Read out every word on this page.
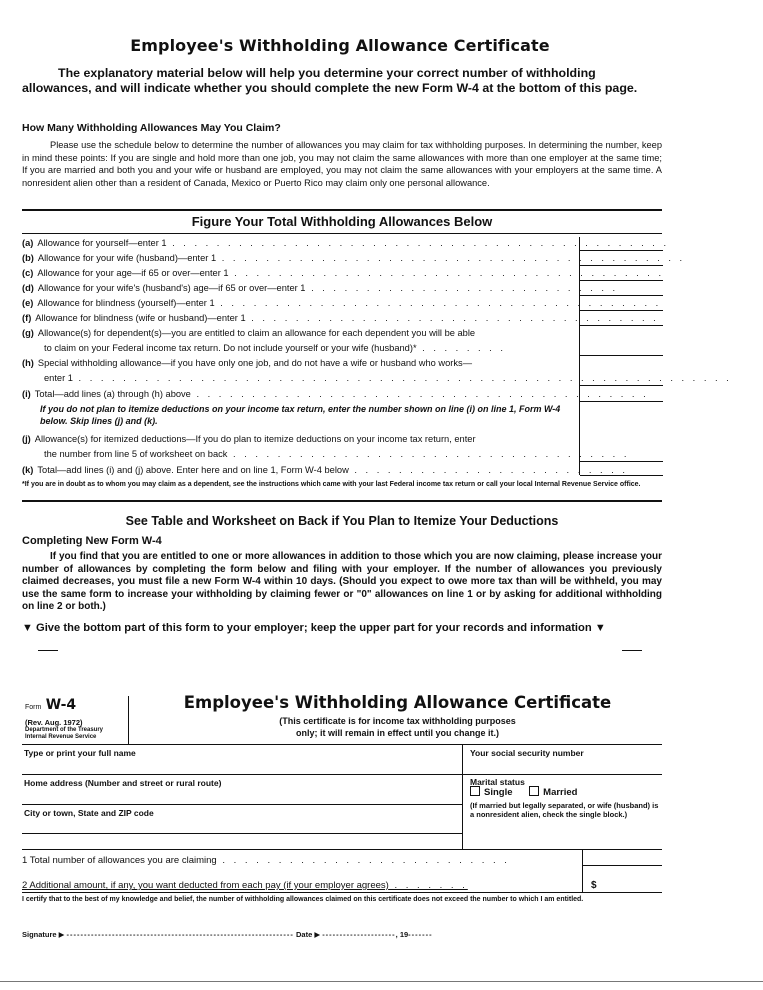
Employee's Withholding Allowance Certificate
The explanatory material below will help you determine your correct number of withholding allowances, and will indicate whether you should complete the new Form W-4 at the bottom of this page.
How Many Withholding Allowances May You Claim?
Please use the schedule below to determine the number of allowances you may claim for tax withholding purposes. In determining the number, keep in mind these points: If you are single and hold more than one job, you may not claim the same allowances with more than one employer at the same time; If you are married and both you and your wife or husband are employed, you may not claim the same allowances with your employers at the same time. A nonresident alien other than a resident of Canada, Mexico or Puerto Rico may claim only one personal allowance.
Figure Your Total Withholding Allowances Below
(a) Allowance for yourself—enter 1 . . . . . . . . . . . . . . . . . . . . . . . . . . . . . . . . . . . . . . . . . . . . .
(b) Allowance for your wife (husband)—enter 1 . . . . . . . . . . . . . . . . . . . . . . . . . . . . . . . . . . . . . . . . . .
(c) Allowance for your age—if 65 or over—enter 1 . . . . . . . . . . . . . . . . . . . . . . . . . . . . . . . . . . . . . . .
(d) Allowance for your wife's (husband's) age—if 65 or over—enter 1 . . . . . . . . . . . . . . . . . . . . . . . . . . . .
(e) Allowance for blindness (yourself)—enter 1 . . . . . . . . . . . . . . . . . . . . . . . . . . . . . . . . . . . . . . . .
(f) Allowance for blindness (wife or husband)—enter 1 . . . . . . . . . . . . . . . . . . . . . . . . . . . . . . . . . . . . .
(g) Allowance(s) for dependent(s)—you are entitled to claim an allowance for each dependent you will be able
to claim on your Federal income tax return. Do not include yourself or your wife (husband)* . . . . . . . .
(h) Special withholding allowance—if you have only one job, and do not have a wife or husband who works—
enter 1 . . . . . . . . . . . . . . . . . . . . . . . . . . . . . . . . . . . . . . . . . . . . . . . . . . . . . . . . . . .
(i) Total—add lines (a) through (h) above . . . . . . . . . . . . . . . . . . . . . . . . . . . . . . . . . . . . . . . . .
If you do not plan to itemize deductions on your income tax return, enter the number shown on line (i) on line 1, Form W-4 below. Skip lines (j) and (k).
(j) Allowance(s) for itemized deductions—If you do plan to itemize deductions on your income tax return, enter
the number from line 5 of worksheet on back . . . . . . . . . . . . . . . . . . . . . . . . . . . . . . . . . . . .
(k) Total—add lines (i) and (j) above. Enter here and on line 1, Form W-4 below . . . . . . . . . . . . . . . . . . . . . . . . .
*If you are in doubt as to whom you may claim as a dependent, see the instructions which came with your last Federal income tax return or call your local Internal Revenue Service office.
See Table and Worksheet on Back if You Plan to Itemize Your Deductions
Completing New Form W-4
If you find that you are entitled to one or more allowances in addition to those which you are now claiming, please increase your number of allowances by completing the form below and filing with your employer. If the number of allowances you previously claimed decreases, you must file a new Form W-4 within 10 days. (Should you expect to owe more tax than will be withheld, you may use the same form to increase your withholding by claiming fewer or "0" allowances on line 1 or by asking for additional withholding on line 2 or both.)
▼ Give the bottom part of this form to your employer; keep the upper part for your records and information ▼
Form W-4
(Rev. Aug. 1972)
Department of the Treasury
Internal Revenue Service
Employee's Withholding Allowance Certificate
(This certificate is for income tax withholding purposes
only; it will remain in effect until you change it.)
Type or print your full name	Your social security number
Home address (Number and street or rural route)	Marital status
Single	Married
City or town, State and ZIP code
(If married but legally separated, or wife (husband) is a nonresident alien, check the single block.)
1 Total number of allowances you are claiming . . . . . . . . . . . . . . . . . . . . . . . . . .
2 Additional amount, if any, you want deducted from each pay (if your employer agrees) . . . . . . .	$
I certify that to the best of my knowledge and belief, the number of withholding allowances claimed on this certificate does not exceed the number to which I am entitled.
Signature ▶ ----------------------------------------------------------------- Date ▶ ---------------------, 19-------
